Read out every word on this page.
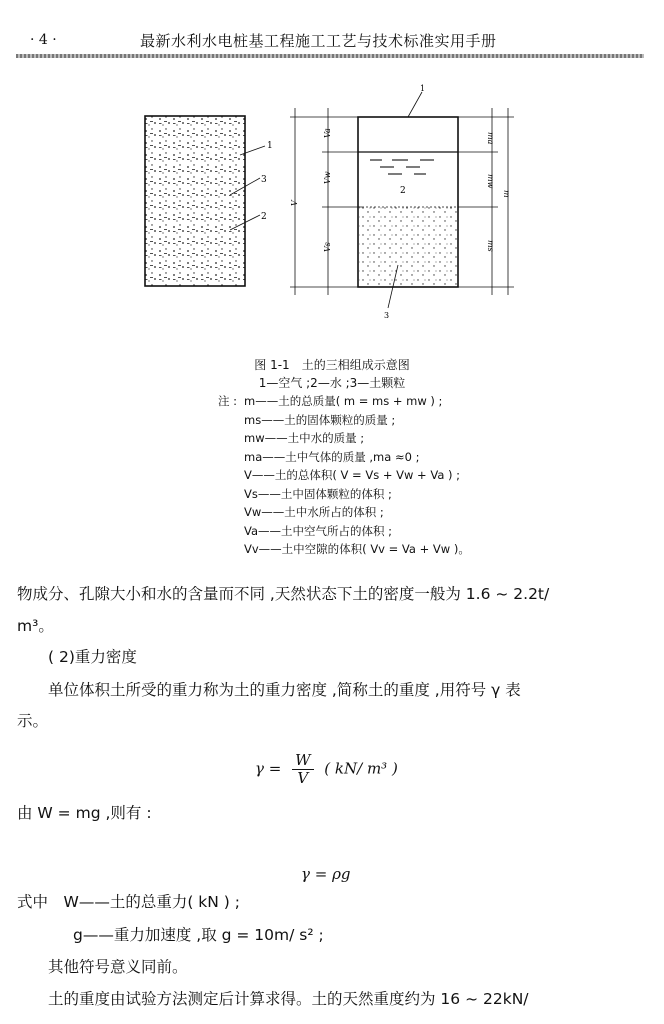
· 4 ·	最新水利水电桩基工程施工工艺与技术标准实用手册
1
3
2
2
1
3
Va
Vw
Vs
V
ma
mw
ms
m
图 1-1　土的三相组成示意图
1—空气 ;2—水 ;3—土颗粒
注 : m——土的总质量( m = ms + mw ) ;
ms——土的固体颗粒的质量 ;
mw——土中水的质量 ;
ma——土中气体的质量 ,ma ≈0 ;
V——土的总体积( V = Vs + Vw + Va ) ;
Vs——土中固体颗粒的体积 ;
Vw——土中水所占的体积 ;
Va——土中空气所占的体积 ;
Vv——土中空隙的体积( Vv = Va + Vw )。
物成分、孔隙大小和水的含量而不同 ,天然状态下土的密度一般为 1.6 ~ 2.2t/
m³。
( 2)重力密度
单位体积土所受的重力称为土的重力密度 ,简称土的重度 ,用符号 γ 表
示。
$\gamma = \frac{W}{V}$ ( kN/ m³ )
由 W = mg ,则有 :
γ = ρg
式中　W——土的总重力( kN ) ;
g——重力加速度 ,取 g = 10m/ s² ;
其他符号意义同前。
土的重度由试验方法测定后计算求得。土的天然重度约为 16 ~ 22kN/
